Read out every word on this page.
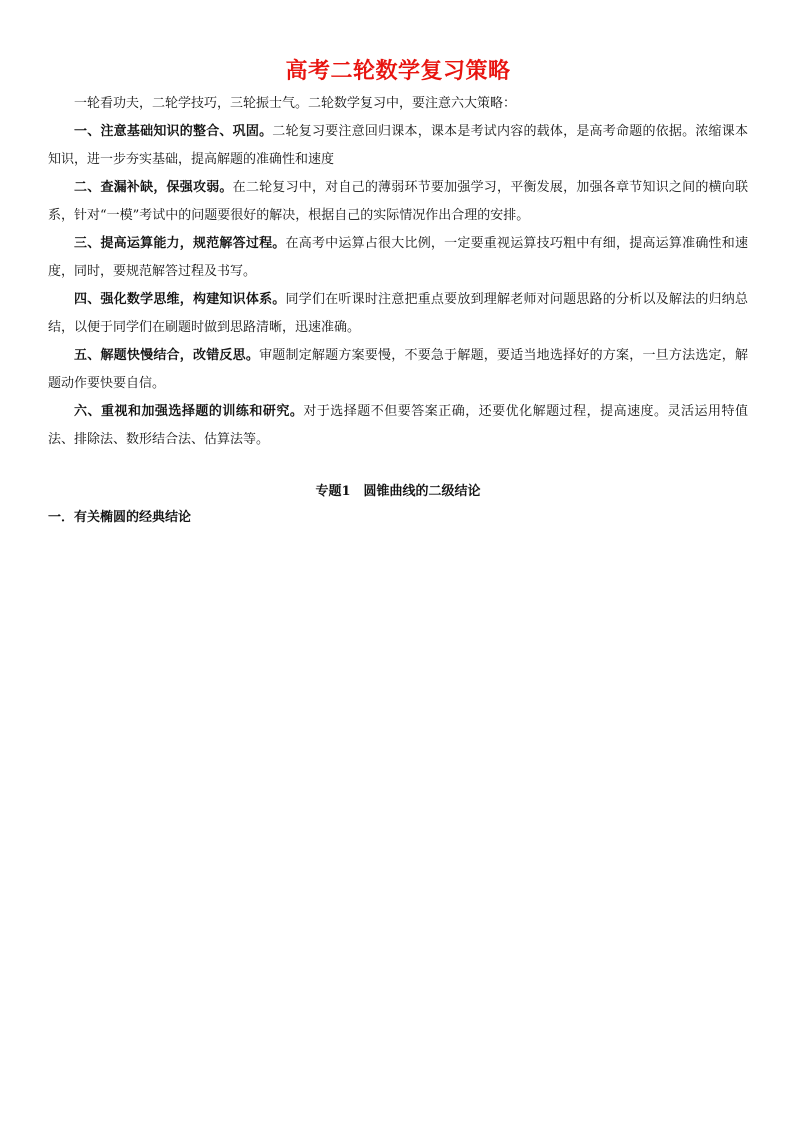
高考二轮数学复习策略

一轮看功夫，二轮学技巧，三轮振士气。二轮数学复习中，要注意六大策略：

一、注意基础知识的整合、巩固。二轮复习要注意回归课本，课本是考试内容的载体，是高考命题的依据。浓缩课本知识，进一步夯实基础，提高解题的准确性和速度

二、查漏补缺，保强攻弱。在二轮复习中，对自己的薄弱环节要加强学习，平衡发展，加强各章节知识之间的横向联系，针对“一模”考试中的问题要很好的解决，根据自己的实际情况作出合理的安排。

三、提高运算能力，规范解答过程。在高考中运算占很大比例，一定要重视运算技巧粗中有细，提高运算准确性和速度，同时，要规范解答过程及书写。

四、强化数学思维，构建知识体系。同学们在听课时注意把重点要放到理解老师对问题思路的分析以及解法的归纳总结，以便于同学们在刷题时做到思路清晰，迅速准确。

五、解题快慢结合，改错反思。审题制定解题方案要慢，不要急于解题，要适当地选择好的方案，一旦方法选定，解题动作要快要自信。

六、重视和加强选择题的训练和研究。对于选择题不但要答案正确，还要优化解题过程，提高速度。灵活运用特值法、排除法、数形结合法、估算法等。

专题1　圆锥曲线的二级结论
一．有关椭圆的经典结论
